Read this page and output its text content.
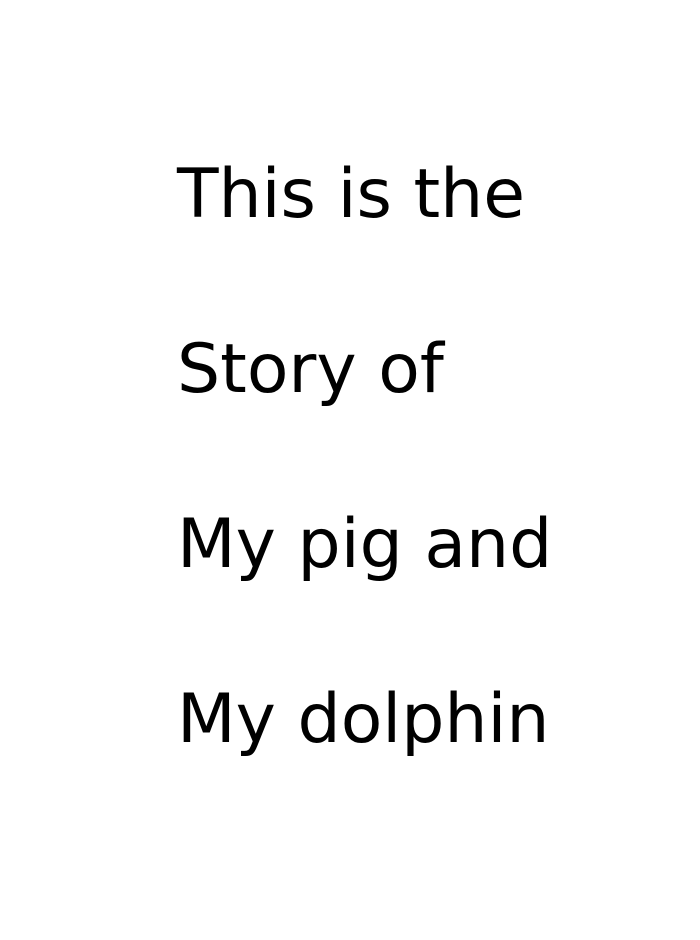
This is the

Story of

My pig and

My dolphin
